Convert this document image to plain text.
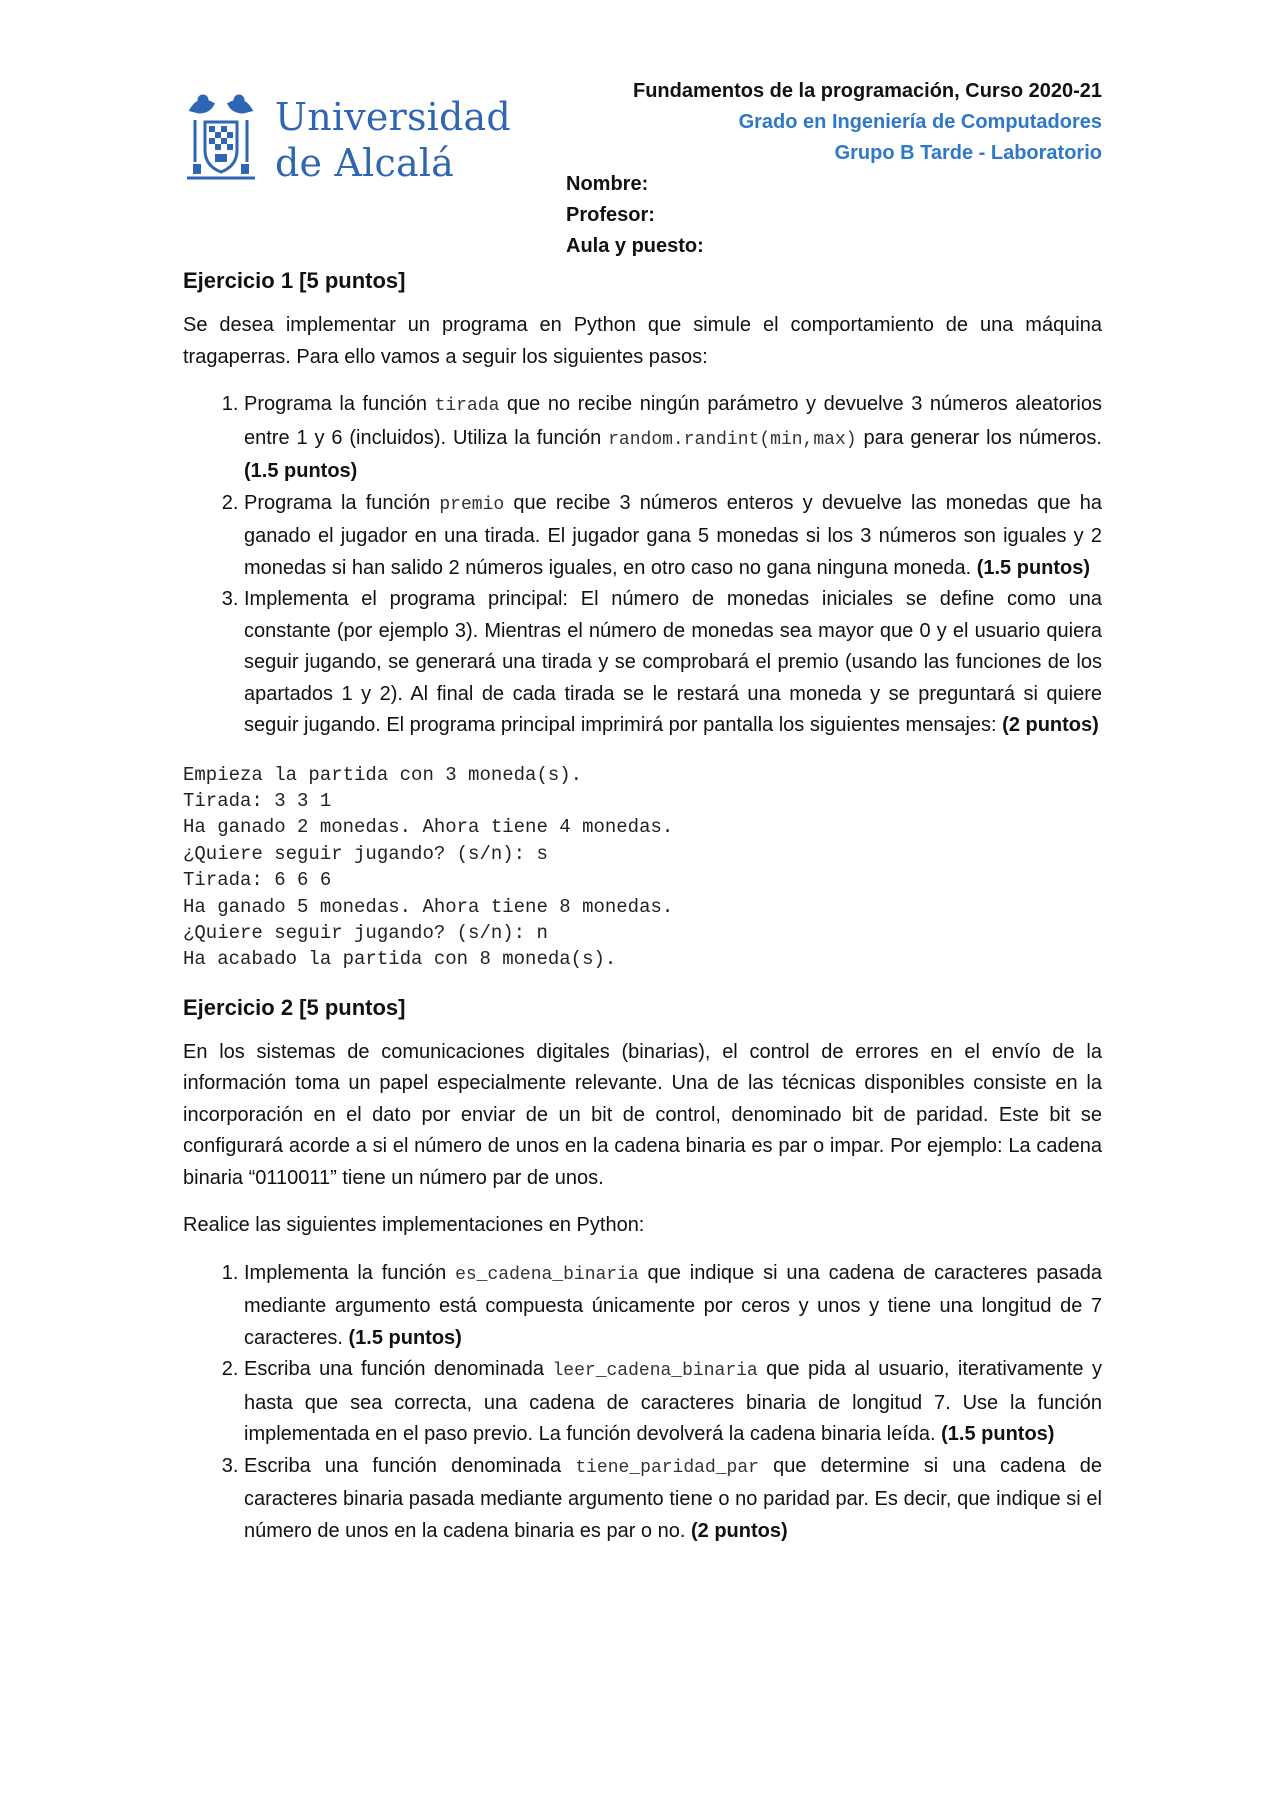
Universidad
de Alcalá
Fundamentos de la programación, Curso 2020-21
Grado en Ingeniería de Computadores
Grupo B Tarde - Laboratorio
Nombre:
Profesor:
Aula y puesto:
Ejercicio 1 [5 puntos]

Se desea implementar un programa en Python que simule el comportamiento de una máquina tragaperras. Para ello vamos a seguir los siguientes pasos:

1. Programa la función tirada que no recibe ningún parámetro y devuelve 3 números aleatorios entre 1 y 6 (incluidos). Utiliza la función random.randint(min,max) para generar los números. (1.5 puntos)
2. Programa la función premio que recibe 3 números enteros y devuelve las monedas que ha ganado el jugador en una tirada. El jugador gana 5 monedas si los 3 números son iguales y 2 monedas si han salido 2 números iguales, en otro caso no gana ninguna moneda. (1.5 puntos)
3. Implementa el programa principal: El número de monedas iniciales se define como una constante (por ejemplo 3). Mientras el número de monedas sea mayor que 0 y el usuario quiera seguir jugando, se generará una tirada y se comprobará el premio (usando las funciones de los apartados 1 y 2). Al final de cada tirada se le restará una moneda y se preguntará si quiere seguir jugando. El programa principal imprimirá por pantalla los siguientes mensajes: (2 puntos)
Empieza la partida con 3 moneda(s).
Tirada: 3 3 1
Ha ganado 2 monedas. Ahora tiene 4 monedas.
¿Quiere seguir jugando? (s/n): s
Tirada: 6 6 6
Ha ganado 5 monedas. Ahora tiene 8 monedas.
¿Quiere seguir jugando? (s/n): n
Ha acabado la partida con 8 moneda(s).
Ejercicio 2 [5 puntos]

En los sistemas de comunicaciones digitales (binarias), el control de errores en el envío de la información toma un papel especialmente relevante. Una de las técnicas disponibles consiste en la incorporación en el dato por enviar de un bit de control, denominado bit de paridad. Este bit se configurará acorde a si el número de unos en la cadena binaria es par o impar. Por ejemplo: La cadena binaria “0110011” tiene un número par de unos.

Realice las siguientes implementaciones en Python:

1. Implementa la función es_cadena_binaria que indique si una cadena de caracteres pasada mediante argumento está compuesta únicamente por ceros y unos y tiene una longitud de 7 caracteres. (1.5 puntos)
2. Escriba una función denominada leer_cadena_binaria que pida al usuario, iterativamente y hasta que sea correcta, una cadena de caracteres binaria de longitud 7. Use la función implementada en el paso previo. La función devolverá la cadena binaria leída. (1.5 puntos)
3. Escriba una función denominada tiene_paridad_par que determine si una cadena de caracteres binaria pasada mediante argumento tiene o no paridad par. Es decir, que indique si el número de unos en la cadena binaria es par o no. (2 puntos)
